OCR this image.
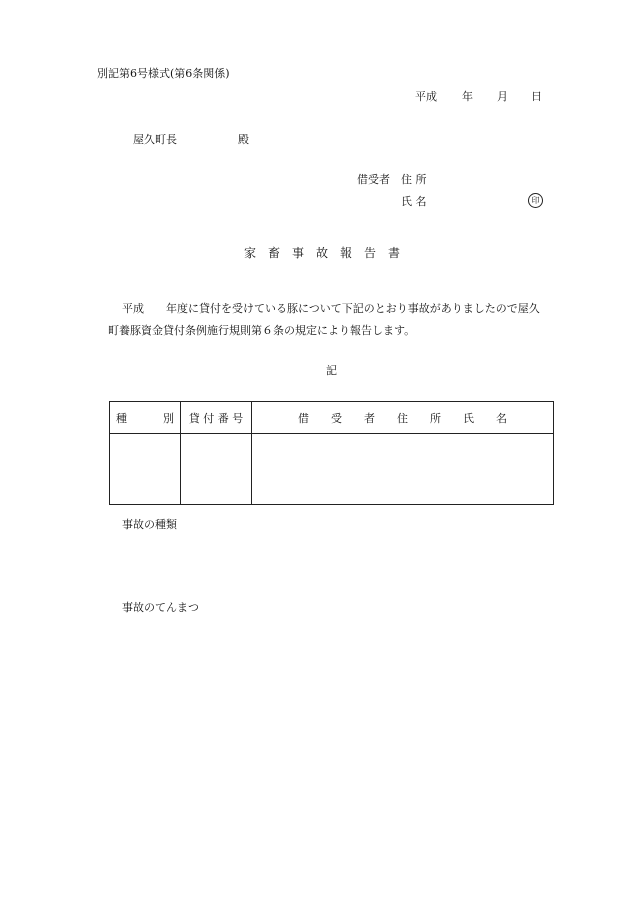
別記第6号様式(第6条関係)
平成 年 月 日
屋久町長	殿
借受者 住 所
氏 名	印
家　畜　事　故　報　告　書
平成　　年度に貸付を受けている豚について下記のとおり事故がありましたので屋久
町養豚資金貸付条例施行規則第６条の規定により報告します。
記
種 別	貸 付 番 号	借　　受　　者　　住　　所　　氏　　名

事故の種類
事故のてんまつ
